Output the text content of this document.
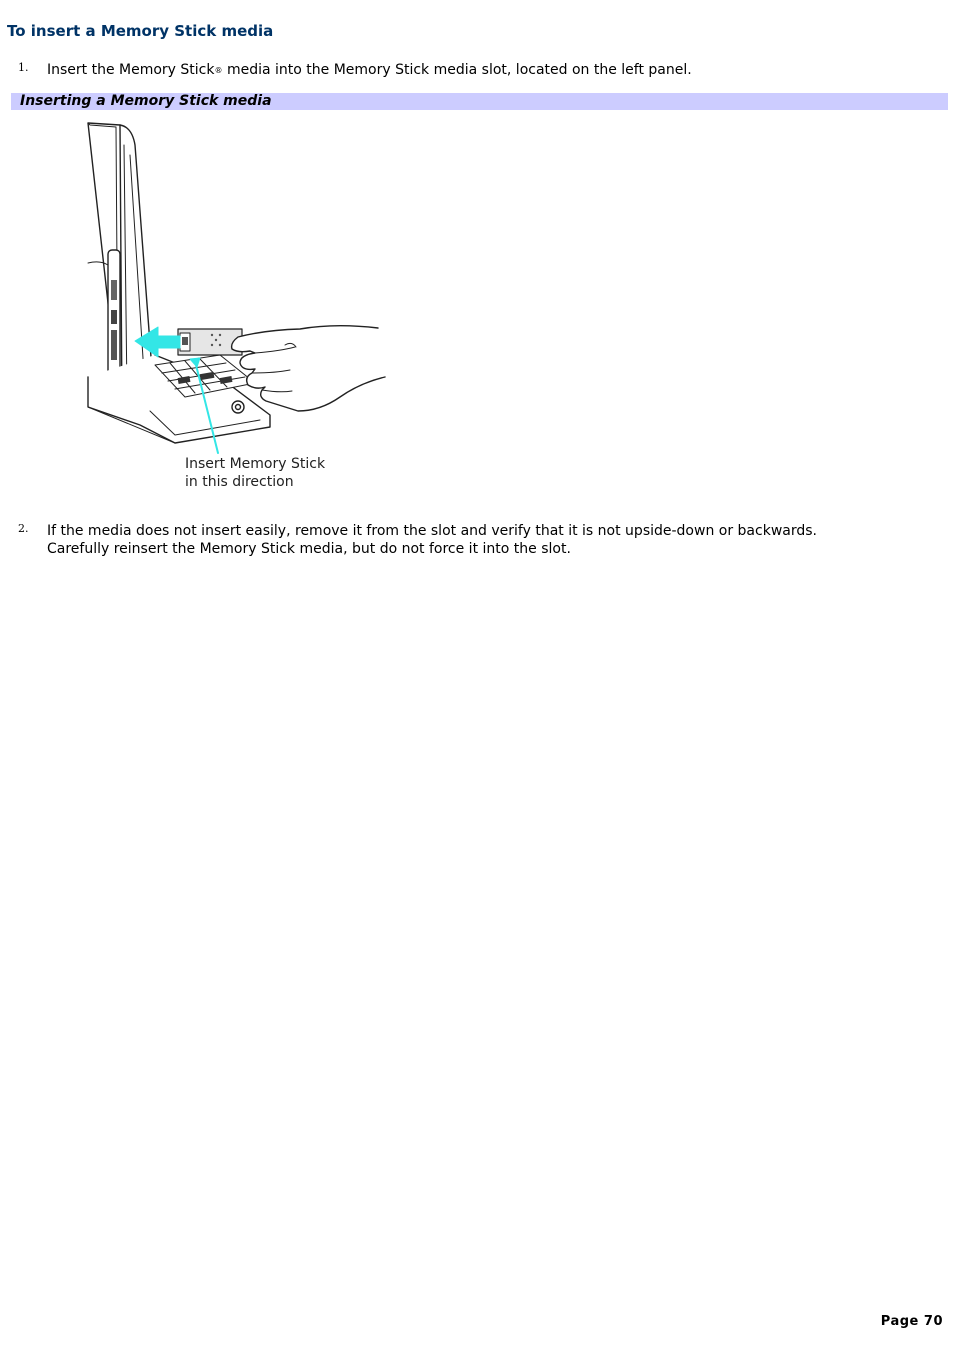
To insert a Memory Stick media
1. Insert the Memory Stick® media into the Memory Stick media slot, located on the left panel.
Inserting a Memory Stick media
Insert Memory Stick
in this direction
2. If the media does not insert easily, remove it from the slot and verify that it is not upside-down or backwards.
Carefully reinsert the Memory Stick media, but do not force it into the slot.
Page 70
